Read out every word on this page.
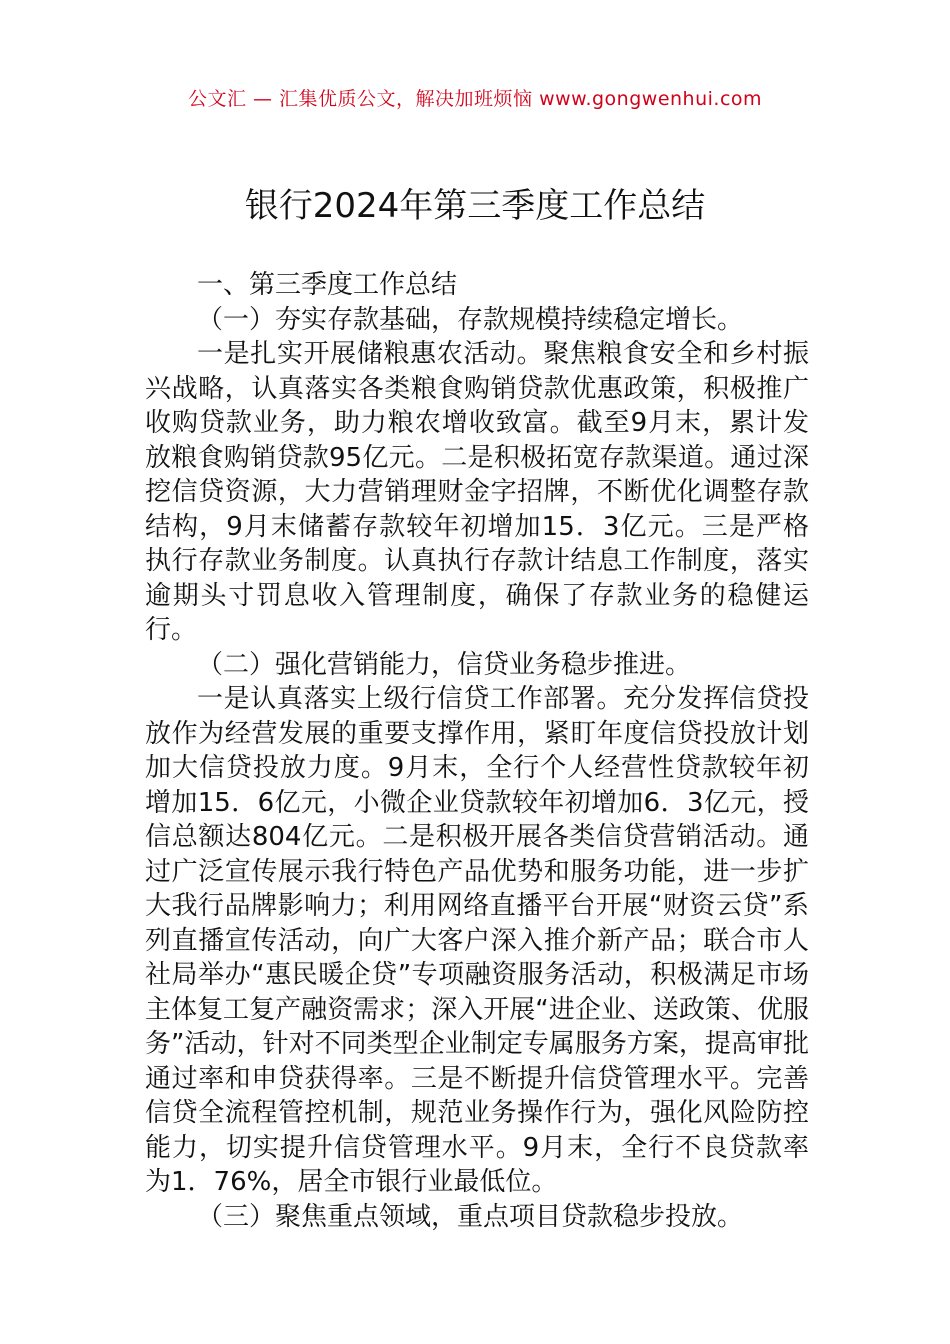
公文汇 — 汇集优质公文，解决加班烦恼 www.gongwenhui.com
银行2024年第三季度工作总结

一、第三季度工作总结

（一）夯实存款基础，存款规模持续稳定增长。

一是扎实开展储粮惠农活动。聚焦粮食安全和乡村振兴战略，认真落实各类粮食购销贷款优惠政策，积极推广收购贷款业务，助力粮农增收致富。截至9月末，累计发放粮食购销贷款95亿元。二是积极拓宽存款渠道。通过深挖信贷资源，大力营销理财金字招牌，不断优化调整存款结构，9月末储蓄存款较年初增加15．3亿元。三是严格执行存款业务制度。认真执行存款计结息工作制度，落实逾期头寸罚息收入管理制度，确保了存款业务的稳健运行。

（二）强化营销能力，信贷业务稳步推进。

一是认真落实上级行信贷工作部署。充分发挥信贷投放作为经营发展的重要支撑作用，紧盯年度信贷投放计划加大信贷投放力度。9月末，全行个人经营性贷款较年初增加15．6亿元，小微企业贷款较年初增加6．3亿元，授信总额达804亿元。二是积极开展各类信贷营销活动。通过广泛宣传展示我行特色产品优势和服务功能，进一步扩大我行品牌影响力；利用网络直播平台开展“财资云贷”系列直播宣传活动，向广大客户深入推介新产品；联合市人社局举办“惠民暖企贷”专项融资服务活动，积极满足市场主体复工复产融资需求；深入开展“进企业、送政策、优服务”活动，针对不同类型企业制定专属服务方案，提高审批通过率和申贷获得率。三是不断提升信贷管理水平。完善信贷全流程管控机制，规范业务操作行为，强化风险防控能力，切实提升信贷管理水平。9月末，全行不良贷款率为1．76%，居全市银行业最低位。

（三）聚焦重点领域，重点项目贷款稳步投放。
